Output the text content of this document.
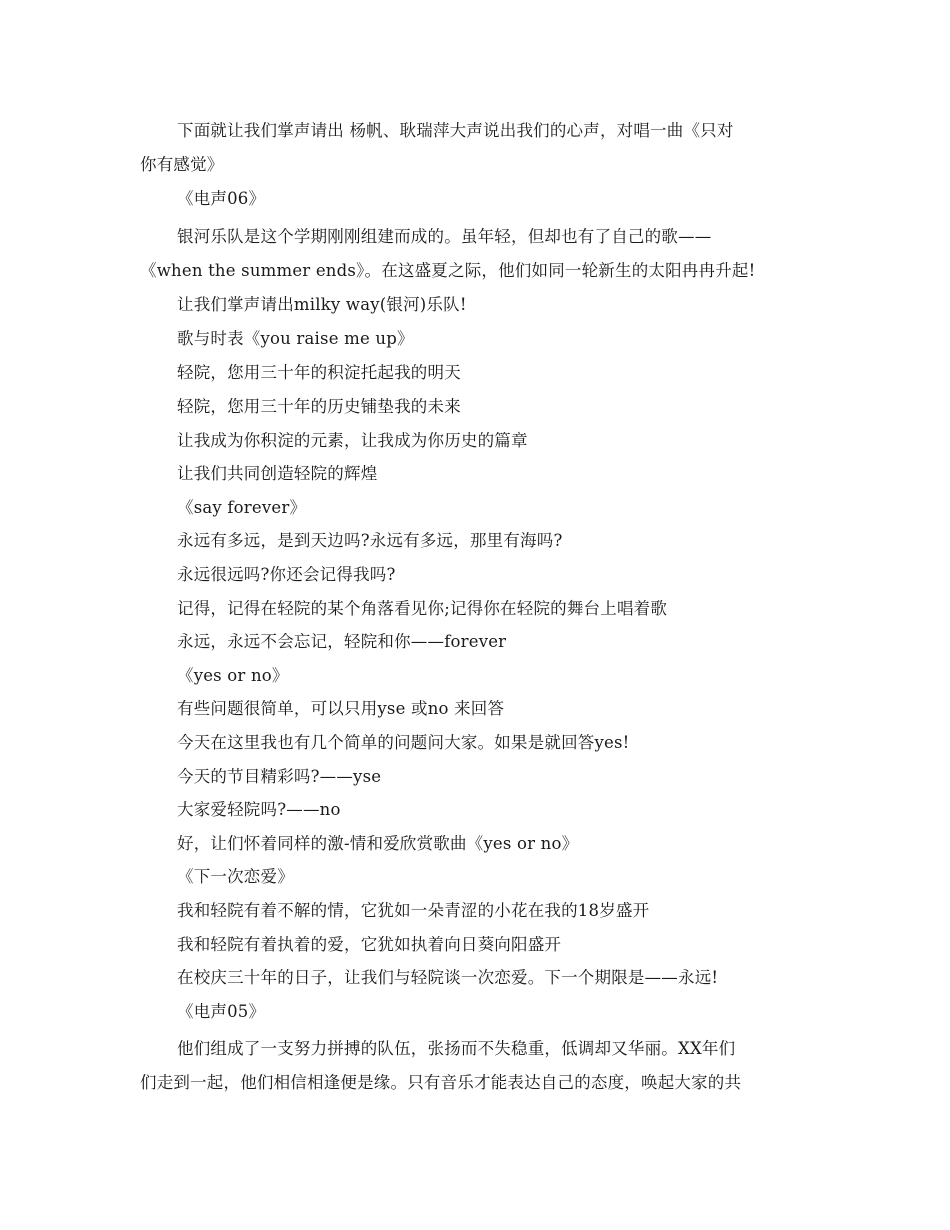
下面就让我们掌声请出 杨帆、耿瑞萍大声说出我们的心声，对唱一曲《只对
你有感觉》
《电声06》
银河乐队是这个学期刚刚组建而成的。虽年轻，但却也有了自己的歌——
《when the summer ends》。在这盛夏之际，他们如同一轮新生的太阳冉冉升起!
让我们掌声请出milky way(银河)乐队!
歌与时表《you raise me up》
轻院，您用三十年的积淀托起我的明天
轻院，您用三十年的历史铺垫我的未来
让我成为你积淀的元素，让我成为你历史的篇章
让我们共同创造轻院的辉煌
《say forever》
永远有多远，是到天边吗?永远有多远，那里有海吗?
永远很远吗?你还会记得我吗?
记得，记得在轻院的某个角落看见你;记得你在轻院的舞台上唱着歌
永远，永远不会忘记，轻院和你——forever
《yes or no》
有些问题很简单，可以只用yse 或no 来回答
今天在这里我也有几个简单的问题问大家。如果是就回答yes!
今天的节目精彩吗?——yse
大家爱轻院吗?——no
好，让们怀着同样的激-情和爱欣赏歌曲《yes or no》
《下一次恋爱》
我和轻院有着不解的情，它犹如一朵青涩的小花在我的18岁盛开
我和轻院有着执着的爱，它犹如执着向日葵向阳盛开
在校庆三十年的日子，让我们与轻院谈一次恋爱。下一个期限是——永远!
《电声05》
他们组成了一支努力拼搏的队伍，张扬而不失稳重，低调却又华丽。XX年们
们走到一起，他们相信相逢便是缘。只有音乐才能表达自己的态度，唤起大家的共
